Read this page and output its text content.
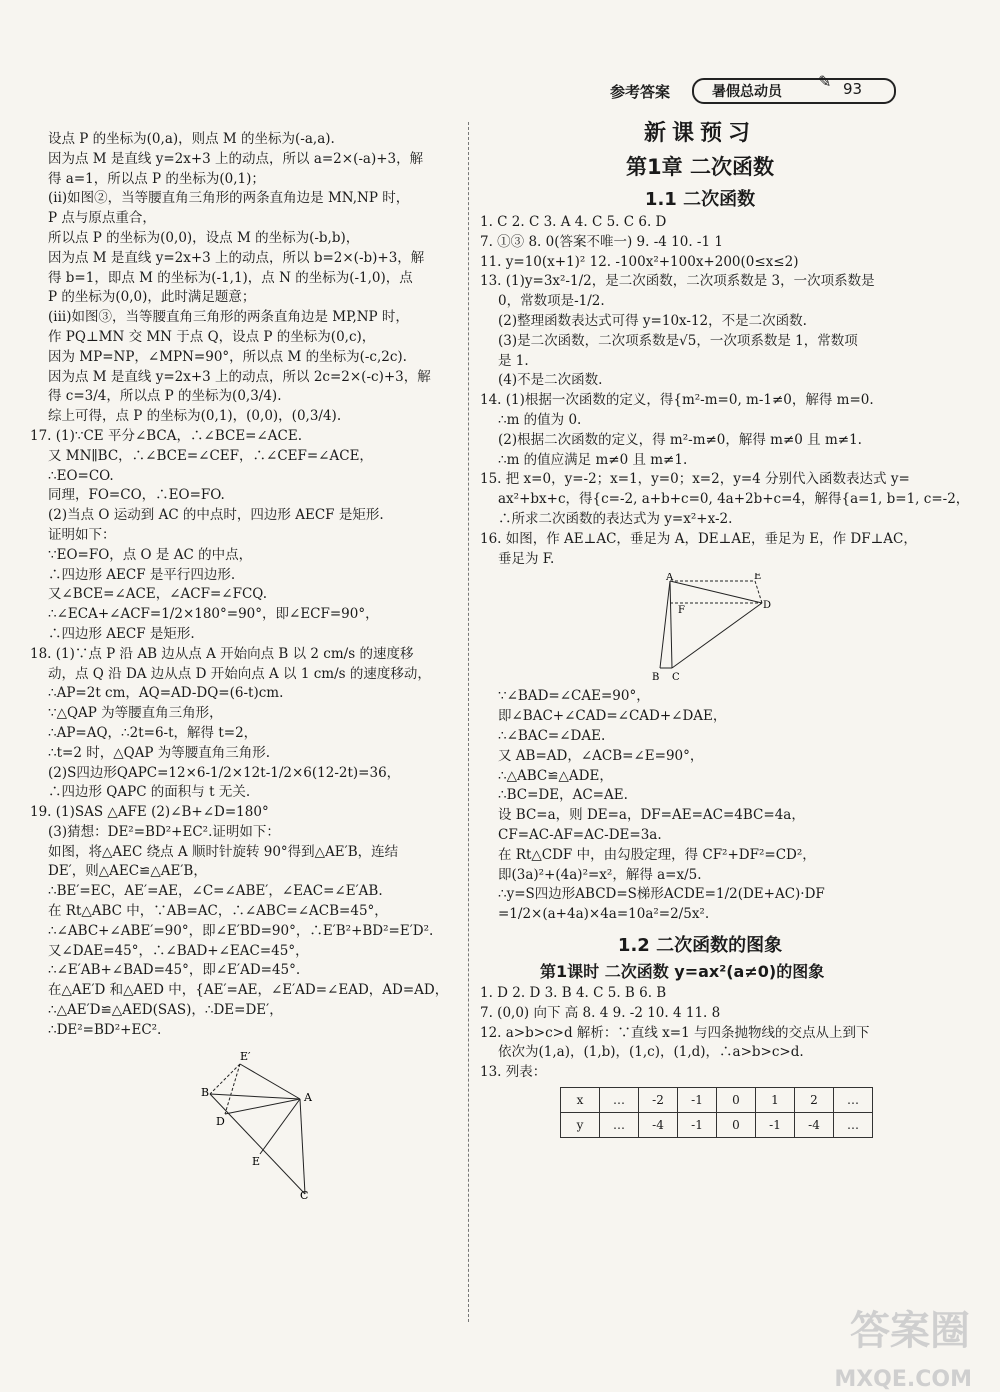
参考答案	暑假总动员
✎ 93
设点 P 的坐标为(0,a)，则点 M 的坐标为(-a,a).
因为点 M 是直线 y=2x+3 上的动点，所以 a=2×(-a)+3，解
得 a=1，所以点 P 的坐标为(0,1)；
(ii)如图②，当等腰直角三角形的两条直角边是 MN,NP 时，
P 点与原点重合，
所以点 P 的坐标为(0,0)，设点 M 的坐标为(-b,b)，
因为点 M 是直线 y=2x+3 上的动点，所以 b=2×(-b)+3，解
得 b=1，即点 M 的坐标为(-1,1)，点 N 的坐标为(-1,0)，点
P 的坐标为(0,0)，此时满足题意；
(iii)如图③，当等腰直角三角形的两条直角边是 MP,NP 时，
作 PQ⊥MN 交 MN 于点 Q，设点 P 的坐标为(0,c)，
因为 MP=NP，∠MPN=90°，所以点 M 的坐标为(-c,2c).
因为点 M 是直线 y=2x+3 上的动点，所以 2c=2×(-c)+3，解
得 c=3/4，所以点 P 的坐标为(0,3/4).
综上可得，点 P 的坐标为(0,1)，(0,0)，(0,3/4).
17. (1)∵CE 平分∠BCA，∴∠BCE=∠ACE.
又 MN∥BC，∴∠BCE=∠CEF，∴∠CEF=∠ACE，
∴EO=CO.
同理，FO=CO，∴EO=FO.
(2)当点 O 运动到 AC 的中点时，四边形 AECF 是矩形.
证明如下：
∵EO=FO，点 O 是 AC 的中点，
∴四边形 AECF 是平行四边形.
又∠BCE=∠ACE，∠ACF=∠FCQ.
∴∠ECA+∠ACF=1/2×180°=90°，即∠ECF=90°，
∴四边形 AECF 是矩形.
18. (1)∵点 P 沿 AB 边从点 A 开始向点 B 以 2 cm/s 的速度移
动，点 Q 沿 DA 边从点 D 开始向点 A 以 1 cm/s 的速度移动，
∴AP=2t cm，AQ=AD-DQ=(6-t)cm.
∵△QAP 为等腰直角三角形，
∴AP=AQ，∴2t=6-t，解得 t=2，
∴t=2 时，△QAP 为等腰直角三角形.
(2)S四边形QAPC=12×6-1/2×12t-1/2×6(12-2t)=36，
∴四边形 QAPC 的面积与 t 无关.
19. (1)SAS △AFE (2)∠B+∠D=180°
(3)猜想：DE²=BD²+EC².证明如下：
如图，将△AEC 绕点 A 顺时针旋转 90°得到△AE′B，连结
DE′，则△AEC≌△AE′B，
∴BE′=EC，AE′=AE，∠C=∠ABE′，∠EAC=∠E′AB.
在 Rt△ABC 中，∵AB=AC，∴∠ABC=∠ACB=45°，
∴∠ABC+∠ABE′=90°，即∠E′BD=90°，∴E′B²+BD²=E′D².
又∠DAE=45°，∴∠BAD+∠EAC=45°，
∴∠E′AB+∠BAD=45°，即∠E′AD=45°.
在△AE′D 和△AED 中，{AE′=AE，∠E′AD=∠EAD，AD=AD，
∴△AE′D≌△AED(SAS)，∴DE=DE′，
∴DE²=BD²+EC².
E′
B	A
D
E
C
新课预习
第1章 二次函数
1.1 二次函数
1. C 2. C 3. A 4. C 5. C 6. D
7. ①③ 8. 0(答案不唯一) 9. -4 10. -1 1
11. y=10(x+1)² 12. -100x²+100x+200(0≤x≤2)
13. (1)y=3x²-1/2，是二次函数，二次项系数是 3，一次项系数是
0，常数项是-1/2.
(2)整理函数表达式可得 y=10x-12，不是二次函数.
(3)是二次函数，二次项系数是√5，一次项系数是 1，常数项
是 1.
(4)不是二次函数.
14. (1)根据一次函数的定义，得{m²-m=0, m-1≠0，解得 m=0.
∴m 的值为 0.
(2)根据二次函数的定义，得 m²-m≠0，解得 m≠0 且 m≠1.
∴m 的值应满足 m≠0 且 m≠1.
15. 把 x=0，y=-2；x=1，y=0；x=2，y=4 分别代入函数表达式 y=
ax²+bx+c，得{c=-2, a+b+c=0, 4a+2b+c=4，解得{a=1, b=1, c=-2，
∴所求二次函数的表达式为 y=x²+x-2.
16. 如图，作 AE⊥AC，垂足为 A，DE⊥AE，垂足为 E，作 DF⊥AC，
垂足为 F.
A	E
D
F
B C
∵∠BAD=∠CAE=90°，
即∠BAC+∠CAD=∠CAD+∠DAE，
∴∠BAC=∠DAE.
又 AB=AD，∠ACB=∠E=90°，
∴△ABC≌△ADE，
∴BC=DE，AC=AE.
设 BC=a，则 DE=a，DF=AE=AC=4BC=4a，
CF=AC-AF=AC-DE=3a.
在 Rt△CDF 中，由勾股定理，得 CF²+DF²=CD²，
即(3a)²+(4a)²=x²，解得 a=x/5.
∴y=S四边形ABCD=S梯形ACDE=1/2(DE+AC)·DF
=1/2×(a+4a)×4a=10a²=2/5x².
1.2 二次函数的图象
第1课时 二次函数 y=ax²(a≠0)的图象
1. D 2. D 3. B 4. C 5. B 6. B
7. (0,0) 向下 高 8. 4 9. -2 10. 4 11. 8
12. a>b>c>d 解析：∵直线 x=1 与四条抛物线的交点从上到下
依次为(1,a)，(1,b)，(1,c)，(1,d)，∴a>b>c>d.
13. 列表：
x	…	-2	-1	0	1	2	…
y	…	-4	-1	0	-1	-4	…
答案圈
MXQE.COM
